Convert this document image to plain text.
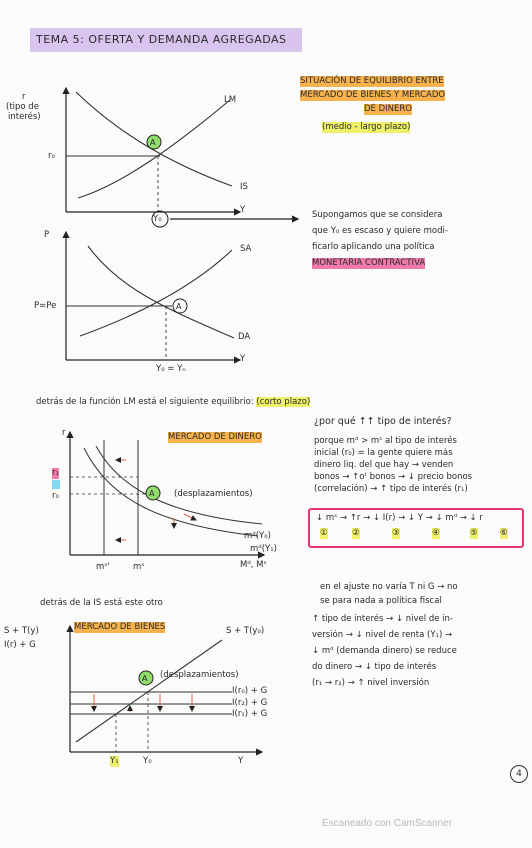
TEMA 5: OFERTA Y DEMANDA AGREGADAS
r
(tipo de
interés)
r₀
LM
IS
A
Y₀
Y
P
SA
DA
A
P=Pe
Y₀ = Yₙ
Y
SITUACIÓN DE EQUILIBRIO ENTRE
MERCADO DE BIENES Y MERCADO
DE DINERO
(medio - largo plazo)
Supongamos que se considera
que Y₀ es escaso y quiere modi-
ficarlo aplicando una política
MONETARIA CONTRACTIVA
detrás de la función LM está el siguiente equilibrio: (corto plazo)
MERCADO DE DINERO
r
r₁
r₀	A (desplazamientos)
mᵈ(Y₀)
mᵈ(Y₁)
mˢ'	mˢ	Mᵈ, Mˢ
¿por qué ↑↑ tipo de interés?
porque mᵈ > mˢ al tipo de interés
inicial (r₀) = la gente quiere más
dinero liq. del que hay → venden
bonos → ↑oᵗ bonos → ↓ precio bonos
(correlación) → ↑ tipo de interés (r₁)
↓ mˢ → ↑r → ↓ I(r) → ↓ Y → ↓ mᵈ → ↓ r
①	②	③	④	⑤	⑥
detrás de la IS está este otro
MERCADO DE BIENES
S + T(y)
I(r) + G
S + T(y₀)
A (desplazamientos)
I(r₀) + G
I(r₂) + G
I(r₁) + G
Y₁	Y₀	Y
en el ajuste no varía T ni G → no
se para nada a política fiscal
↑ tipo de interés → ↓ nivel de in-
versión → ↓ nivel de renta (Y₁) →
↓ mᵈ (demanda dinero) se reduce
do dinero → ↓ tipo de interés
(r₁ → r₂) → ↑ nivel inversión
4
Escaneado con CamScanner
